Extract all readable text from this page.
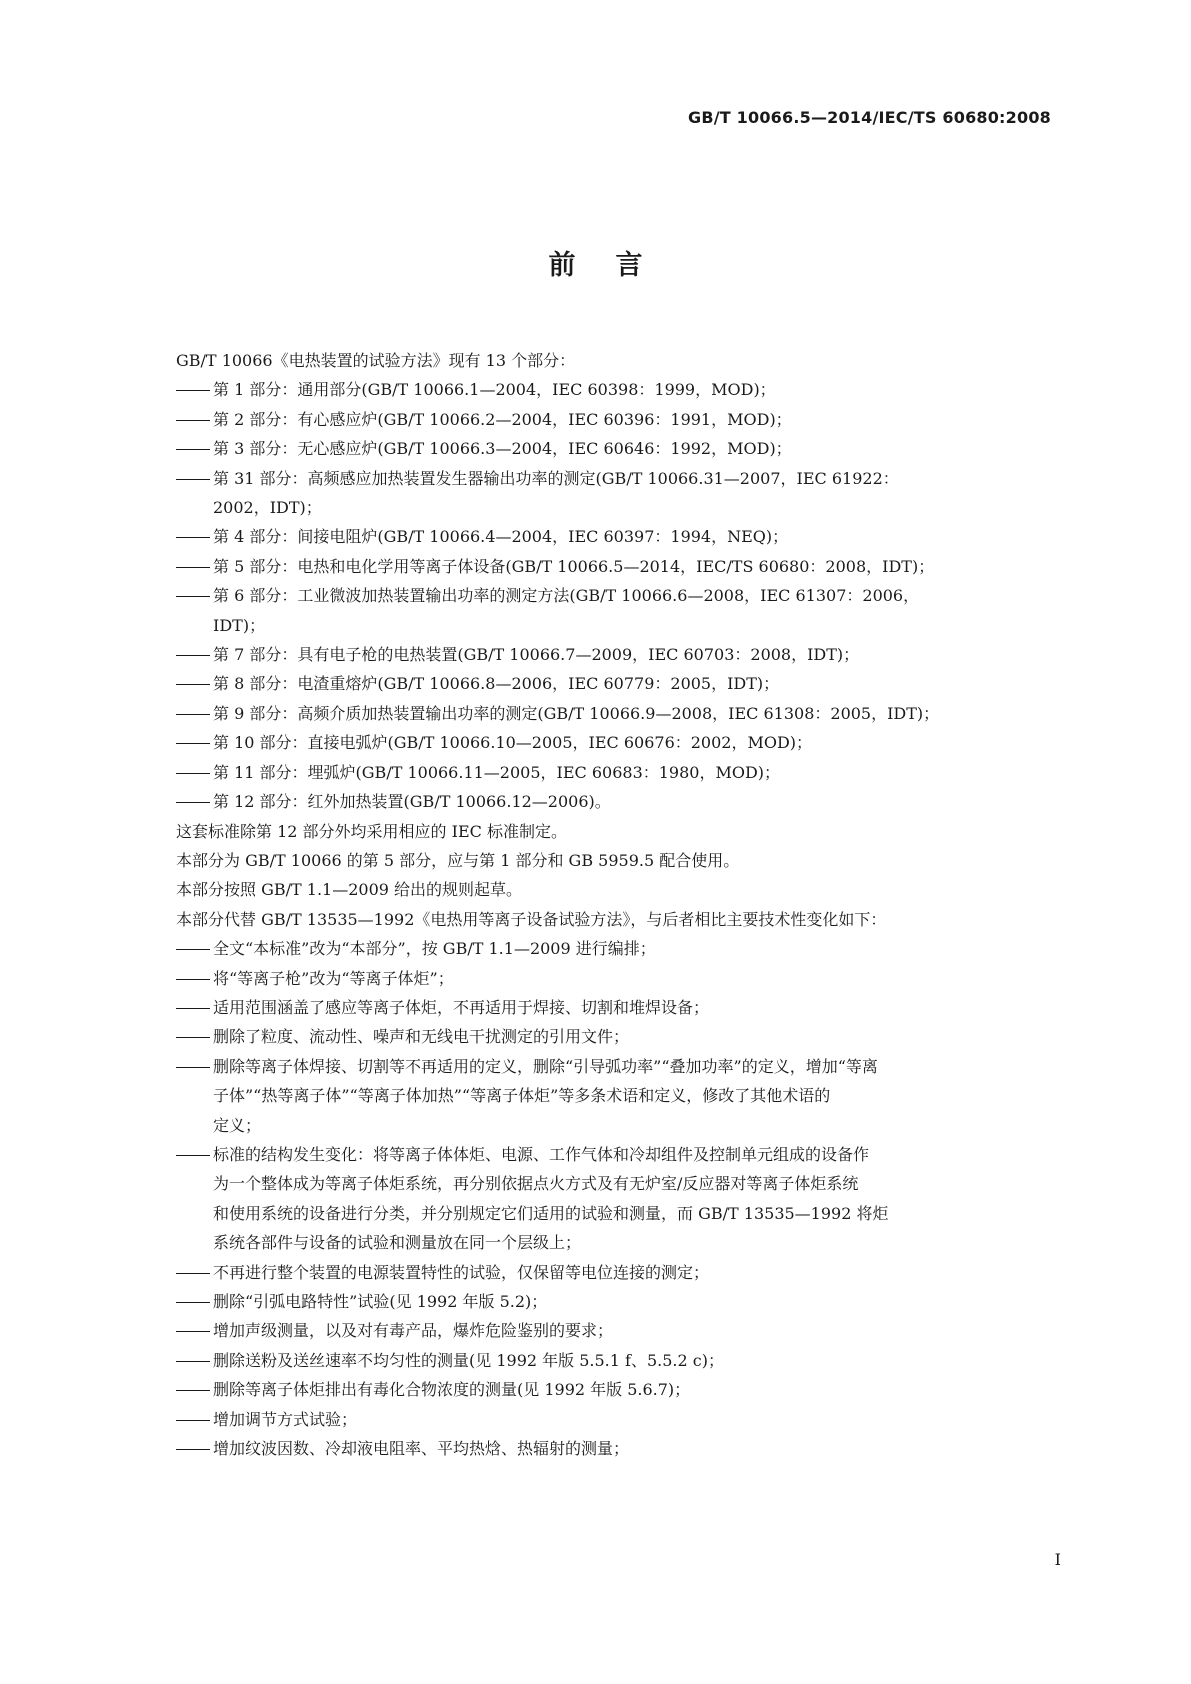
GB/T 10066.5—2014/IEC/TS 60680:2008
前言
GB/T 10066《电热装置的试验方法》现有 13 个部分：
第 1 部分：通用部分(GB/T 10066.1—2004，IEC 60398：1999，MOD)；
第 2 部分：有心感应炉(GB/T 10066.2—2004，IEC 60396：1991，MOD)；
第 3 部分：无心感应炉(GB/T 10066.3—2004，IEC 60646：1992，MOD)；
第 31 部分：高频感应加热装置发生器输出功率的测定(GB/T 10066.31—2007，IEC 61922：
2002，IDT)；
第 4 部分：间接电阻炉(GB/T 10066.4—2004，IEC 60397：1994，NEQ)；
第 5 部分：电热和电化学用等离子体设备(GB/T 10066.5—2014，IEC/TS 60680：2008，IDT)；
第 6 部分：工业微波加热装置输出功率的测定方法(GB/T 10066.6—2008，IEC 61307：2006，
IDT)；
第 7 部分：具有电子枪的电热装置(GB/T 10066.7—2009，IEC 60703：2008，IDT)；
第 8 部分：电渣重熔炉(GB/T 10066.8—2006，IEC 60779：2005，IDT)；
第 9 部分：高频介质加热装置输出功率的测定(GB/T 10066.9—2008，IEC 61308：2005，IDT)；
第 10 部分：直接电弧炉(GB/T 10066.10—2005，IEC 60676：2002，MOD)；
第 11 部分：埋弧炉(GB/T 10066.11—2005，IEC 60683：1980，MOD)；
第 12 部分：红外加热装置(GB/T 10066.12—2006)。
这套标准除第 12 部分外均采用相应的 IEC 标准制定。
本部分为 GB/T 10066 的第 5 部分，应与第 1 部分和 GB 5959.5 配合使用。
本部分按照 GB/T 1.1—2009 给出的规则起草。
本部分代替 GB/T 13535—1992《电热用等离子设备试验方法》，与后者相比主要技术性变化如下：
全文“本标准”改为“本部分”，按 GB/T 1.1—2009 进行编排；
将“等离子枪”改为“等离子体炬”；
适用范围涵盖了感应等离子体炬，不再适用于焊接、切割和堆焊设备；
删除了粒度、流动性、噪声和无线电干扰测定的引用文件；
删除等离子体焊接、切割等不再适用的定义，删除“引导弧功率”“叠加功率”的定义，增加“等离
子体”“热等离子体”“等离子体加热”“等离子体炬”等多条术语和定义，修改了其他术语的
定义；
标准的结构发生变化：将等离子体体炬、电源、工作气体和冷却组件及控制单元组成的设备作
为一个整体成为等离子体炬系统，再分别依据点火方式及有无炉室/反应器对等离子体炬系统
和使用系统的设备进行分类，并分别规定它们适用的试验和测量，而 GB/T 13535—1992 将炬
系统各部件与设备的试验和测量放在同一个层级上；
不再进行整个装置的电源装置特性的试验，仅保留等电位连接的测定；
删除“引弧电路特性”试验(见 1992 年版 5.2)；
增加声级测量，以及对有毒产品，爆炸危险鉴别的要求；
删除送粉及送丝速率不均匀性的测量(见 1992 年版 5.5.1 f、5.5.2 c)；
删除等离子体炬排出有毒化合物浓度的测量(见 1992 年版 5.6.7)；
增加调节方式试验；
增加纹波因数、冷却液电阻率、平均热焓、热辐射的测量；
I
